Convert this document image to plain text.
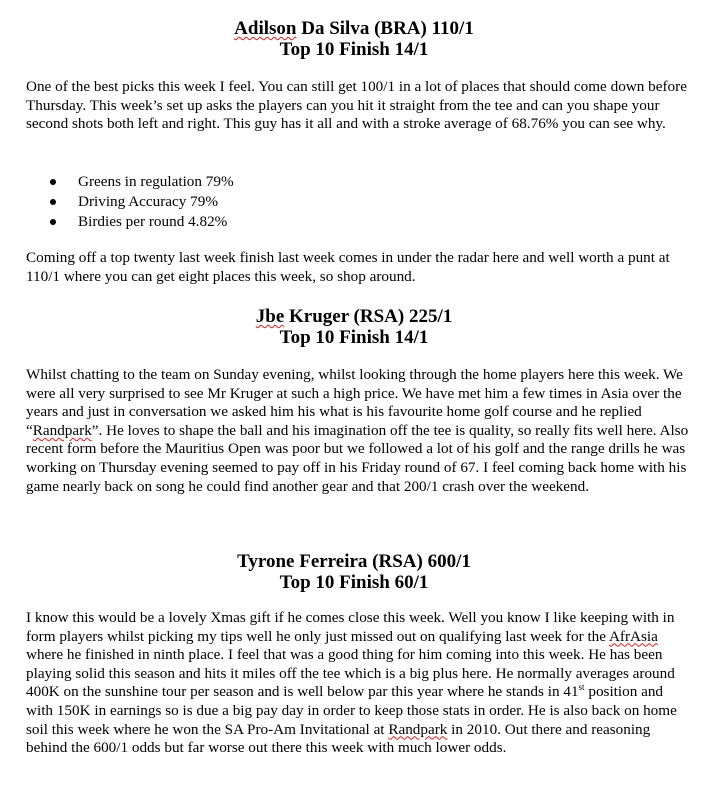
Adilson Da Silva (BRA) 110/1

Top 10 Finish 14/1

One of the best picks this week I feel. You can still get 100/1 in a lot of places that should come down before Thursday. This week’s set up asks the players can you hit it straight from the tee and can you shape your second shots both left and right. This guy has it all and with a stroke average of 68.76% you can see why.

Greens in regulation 79%
Driving Accuracy 79%
Birdies per round 4.82%

Coming off a top twenty last week finish last week comes in under the radar here and well worth a punt at 110/1 where you can get eight places this week, so shop around.

Jbe Kruger (RSA) 225/1

Top 10 Finish 14/1

Whilst chatting to the team on Sunday evening, whilst looking through the home players here this week. We were all very surprised to see Mr Kruger at such a high price. We have met him a few times in Asia over the years and just in conversation we asked him his what is his favourite home golf course and he replied “Randpark”. He loves to shape the ball and his imagination off the tee is quality, so really fits well here. Also recent form before the Mauritius Open was poor but we followed a lot of his golf and the range drills he was working on Thursday evening seemed to pay off in his Friday round of 67. I feel coming back home with his game nearly back on song he could find another gear and that 200/1 crash over the weekend.

Tyrone Ferreira (RSA) 600/1

Top 10 Finish 60/1

I know this would be a lovely Xmas gift if he comes close this week. Well you know I like keeping with in form players whilst picking my tips well he only just missed out on qualifying last week for the AfrAsia where he finished in ninth place. I feel that was a good thing for him coming into this week. He has been playing solid this season and hits it miles off the tee which is a big plus here. He normally averages around 400K on the sunshine tour per season and is well below par this year where he stands in 41st position and with 150K in earnings so is due a big pay day in order to keep those stats in order. He is also back on home soil this week where he won the SA Pro-Am Invitational at Randpark in 2010. Out there and reasoning behind the 600/1 odds but far worse out there this week with much lower odds.
